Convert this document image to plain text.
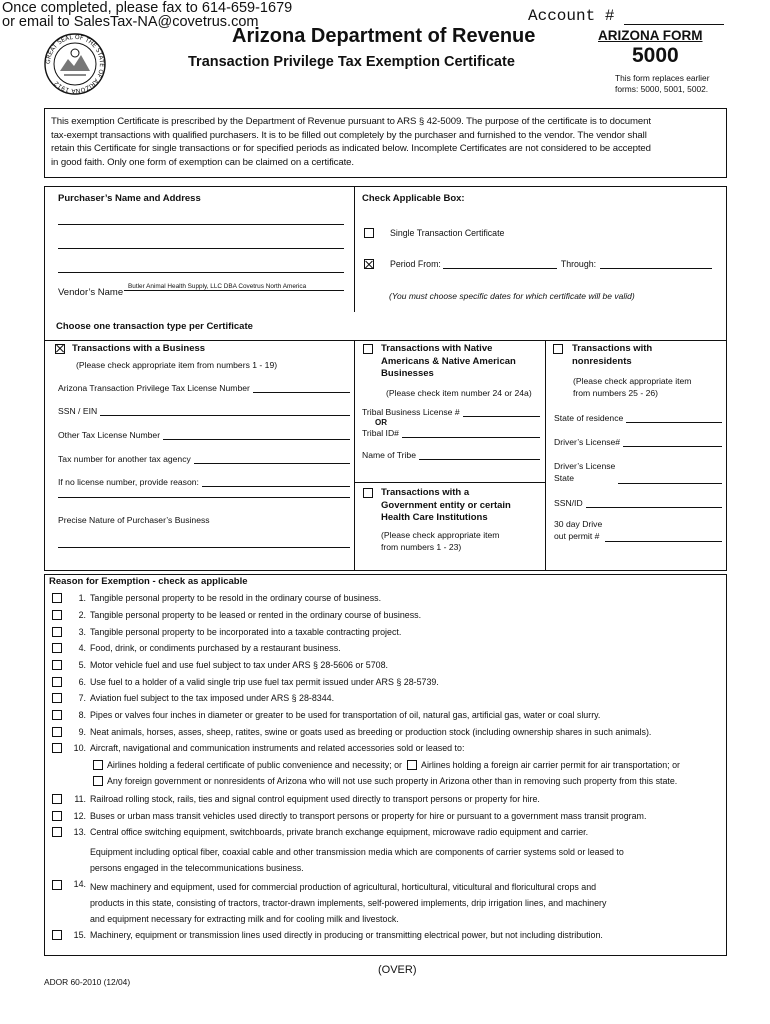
Once completed, please fax to 614-659-1679
or email to SalesTax-NA@covetrus.com	Account #
GREAT SEAL OF THE STATE OF ARIZONA 1912
Arizona Department of Revenue
Transaction Privilege Tax Exemption Certificate
ARIZONA FORM
5000
This form replaces earlier
forms: 5000, 5001, 5002.
This exemption Certificate is prescribed by the Department of Revenue pursuant to ARS § 42-5009. The purpose of the certificate is to document
tax-exempt transactions with qualified purchasers. It is to be filled out completely by the purchaser and furnished to the vendor. The vendor shall
retain this Certificate for single transactions or for specified periods as indicated below. Incomplete Certificates are not considered to be accepted
in good faith. Only one form of exemption can be claimed on a certificate.
Purchaser’s Name and Address
Vendor’s Name
Butler Animal Health Supply, LLC DBA Covetrus North America
Check Applicable Box:
Single Transaction Certificate
Period From:	Through:
(You must choose specific dates for which certificate will be valid)
Choose one transaction type per Certificate
Transactions with a Business
(Please check appropriate item from numbers 1 - 19)
Arizona Transaction Privilege Tax License Number
SSN / EIN
Other Tax License Number
Tax number for another tax agency
If no license number, provide reason:
Precise Nature of Purchaser’s Business
Transactions with Native
Americans & Native American
Businesses
(Please check item number 24 or 24a)
Tribal Business License #
OR
Tribal ID#
Name of Tribe
Transactions with a
Government entity or certain
Health Care Institutions
(Please check appropriate item
from numbers 1 - 23)
Transactions with
nonresidents
(Please check appropriate item
from numbers 25 - 26)
State of residence
Driver’s License#
Driver’s License
State
SSN/ID
30 day Drive
out permit #
Reason for Exemption - check as applicable
1. Tangible personal property to be resold in the ordinary course of business.
2. Tangible personal property to be leased or rented in the ordinary course of business.
3. Tangible personal property to be incorporated into a taxable contracting project.
4. Food, drink, or condiments purchased by a restaurant business.
5. Motor vehicle fuel and use fuel subject to tax under ARS § 28-5606 or 5708.
6. Use fuel to a holder of a valid single trip use fuel tax permit issued under ARS § 28-5739.
7. Aviation fuel subject to the tax imposed under ARS § 28-8344.
8. Pipes or valves four inches in diameter or greater to be used for transportation of oil, natural gas, artificial gas, water or coal slurry.
9. Neat animals, horses, asses, sheep, ratites, swine or goats used as breeding or production stock (including ownership shares in such animals).
10. Aircraft, navigational and communication instruments and related accessories sold or leased to:
Airlines holding a federal certificate of public convenience and necessity; or Airlines holding a foreign air carrier permit for air transportation; or
Any foreign government or nonresidents of Arizona who will not use such property in Arizona other than in removing such property from this state.
11. Railroad rolling stock, rails, ties and signal control equipment used directly to transport persons or property for hire.
12. Buses or urban mass transit vehicles used directly to transport persons or property for hire or pursuant to a government mass transit program.
13. Central office switching equipment, switchboards, private branch exchange equipment, microwave radio equipment and carrier.
Equipment including optical fiber, coaxial cable and other transmission media which are components of carrier systems sold or leased to
persons engaged in the telecommunications business.
14. New machinery and equipment, used for commercial production of agricultural, horticultural, viticultural and floricultural crops and
products in this state, consisting of tractors, tractor-drawn implements, self-powered implements, drip irrigation lines, and machinery
and equipment necessary for extracting milk and for cooling milk and livestock.
15. Machinery, equipment or transmission lines used directly in producing or transmitting electrical power, but not including distribution.
(OVER)
ADOR 60-2010 (12/04)
